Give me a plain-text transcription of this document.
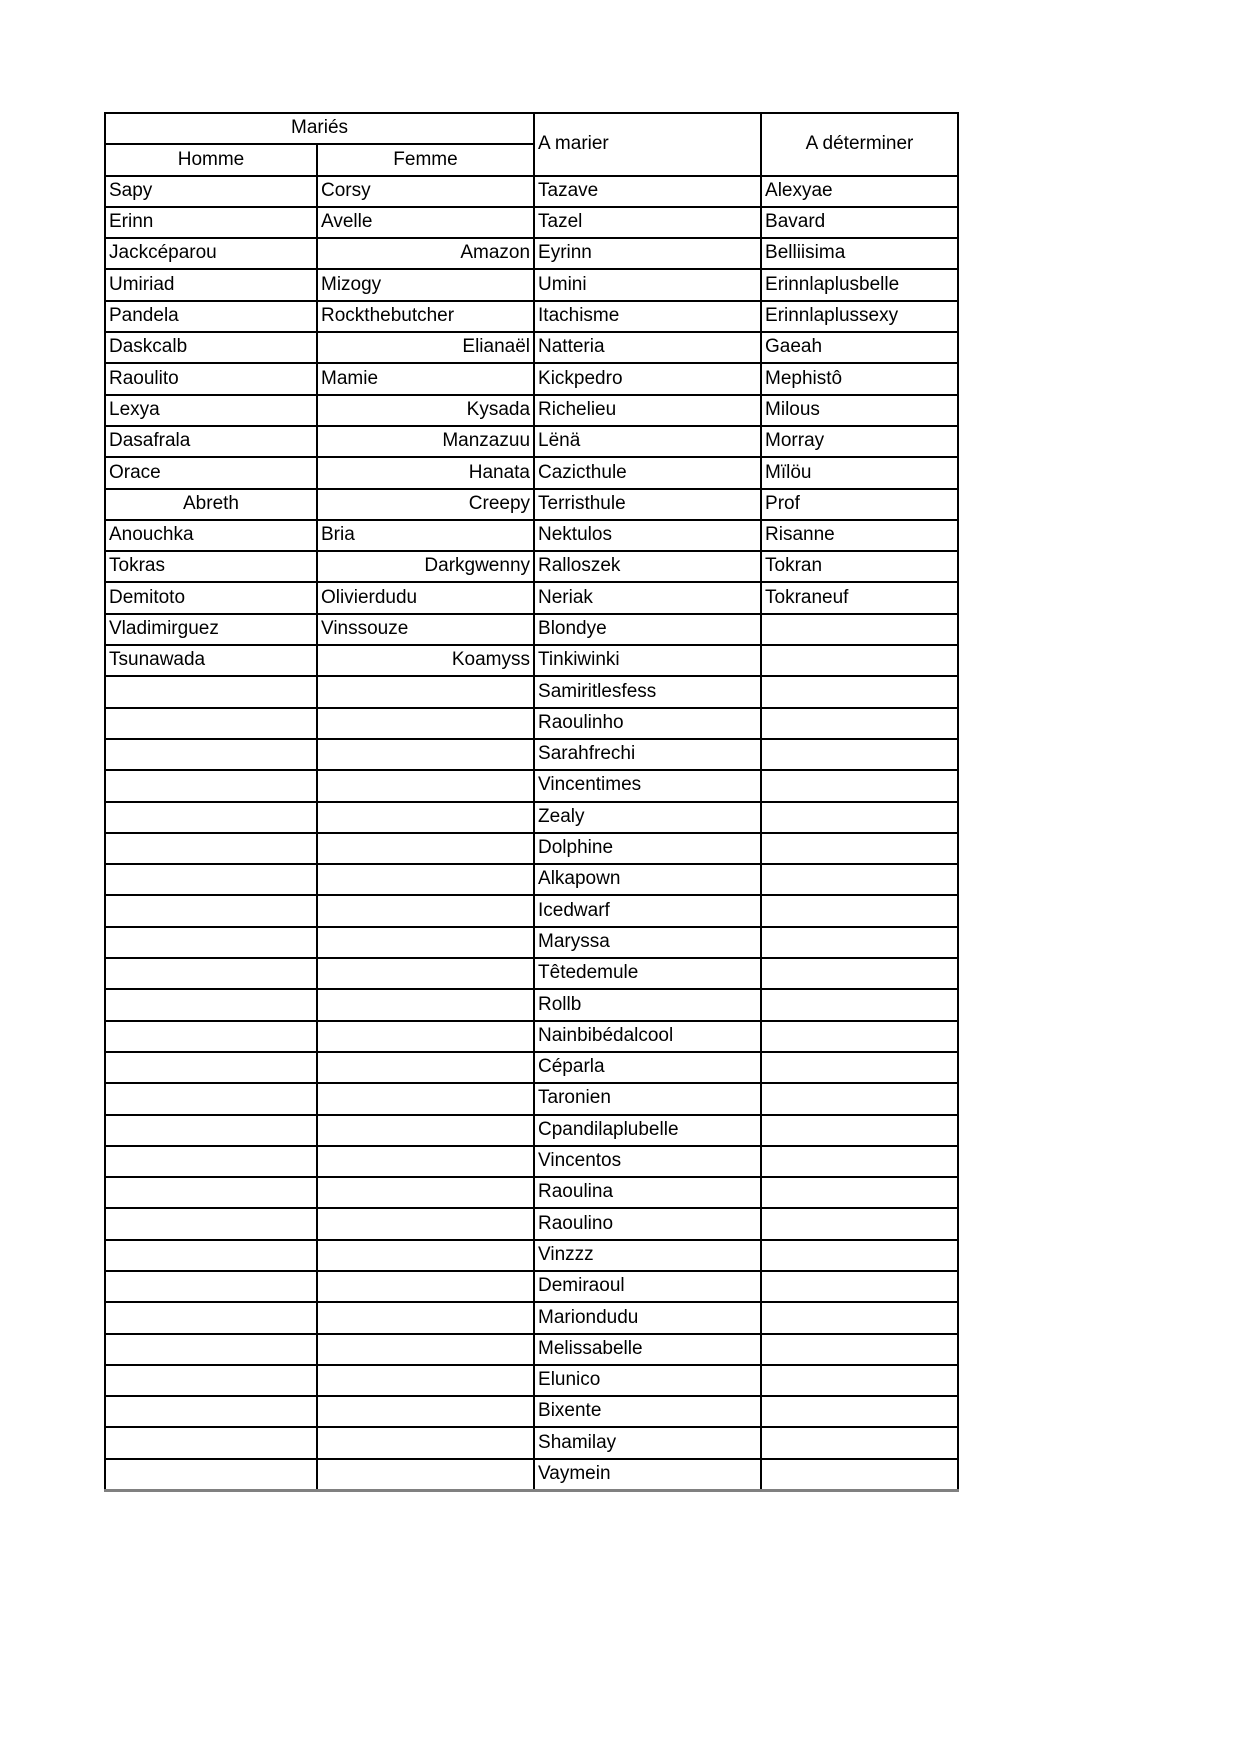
Mariés		A marier	A déterminer
Homme	Femme		
Sapy	Corsy	Tazave	Alexyae
Erinn	Avelle	Tazel	Bavard
Jackcéparou	Amazon	Eyrinn	Belliisima
Umiriad	Mizogy	Umini	Erinnlaplusbelle
Pandela	Rockthebutcher	Itachisme	Erinnlaplussexy
Daskcalb	Elianaël	Natteria	Gaeah
Raoulito	Mamie	Kickpedro	Mephistô
Lexya	Kysada	Richelieu	Milous
Dasafrala	Manzazuu	Lënä	Morray
Orace	Hanata	Cazicthule	Mïlöu
Abreth	Creepy	Terristhule	Prof
Anouchka	Bria	Nektulos	Risanne
Tokras	Darkgwenny	Ralloszek	Tokran
Demitoto	Olivierdudu	Neriak	Tokraneuf
Vladimirguez	Vinssouze	Blondye	
Tsunawada	Koamyss	Tinkiwinki	
		Samiritlesfess	
		Raoulinho	
		Sarahfrechi	
		Vincentimes	
		Zealy	
		Dolphine	
		Alkapown	
		Icedwarf	
		Maryssa	
		Têtedemule	
		Rollb	
		Nainbibédalcool	
		Céparla	
		Taronien	
		Cpandilaplubelle	
		Vincentos	
		Raoulina	
		Raoulino	
		Vinzzz	
		Demiraoul	
		Mariondudu	
		Melissabelle	
		Elunico	
		Bixente	
		Shamilay	
		Vaymein	
